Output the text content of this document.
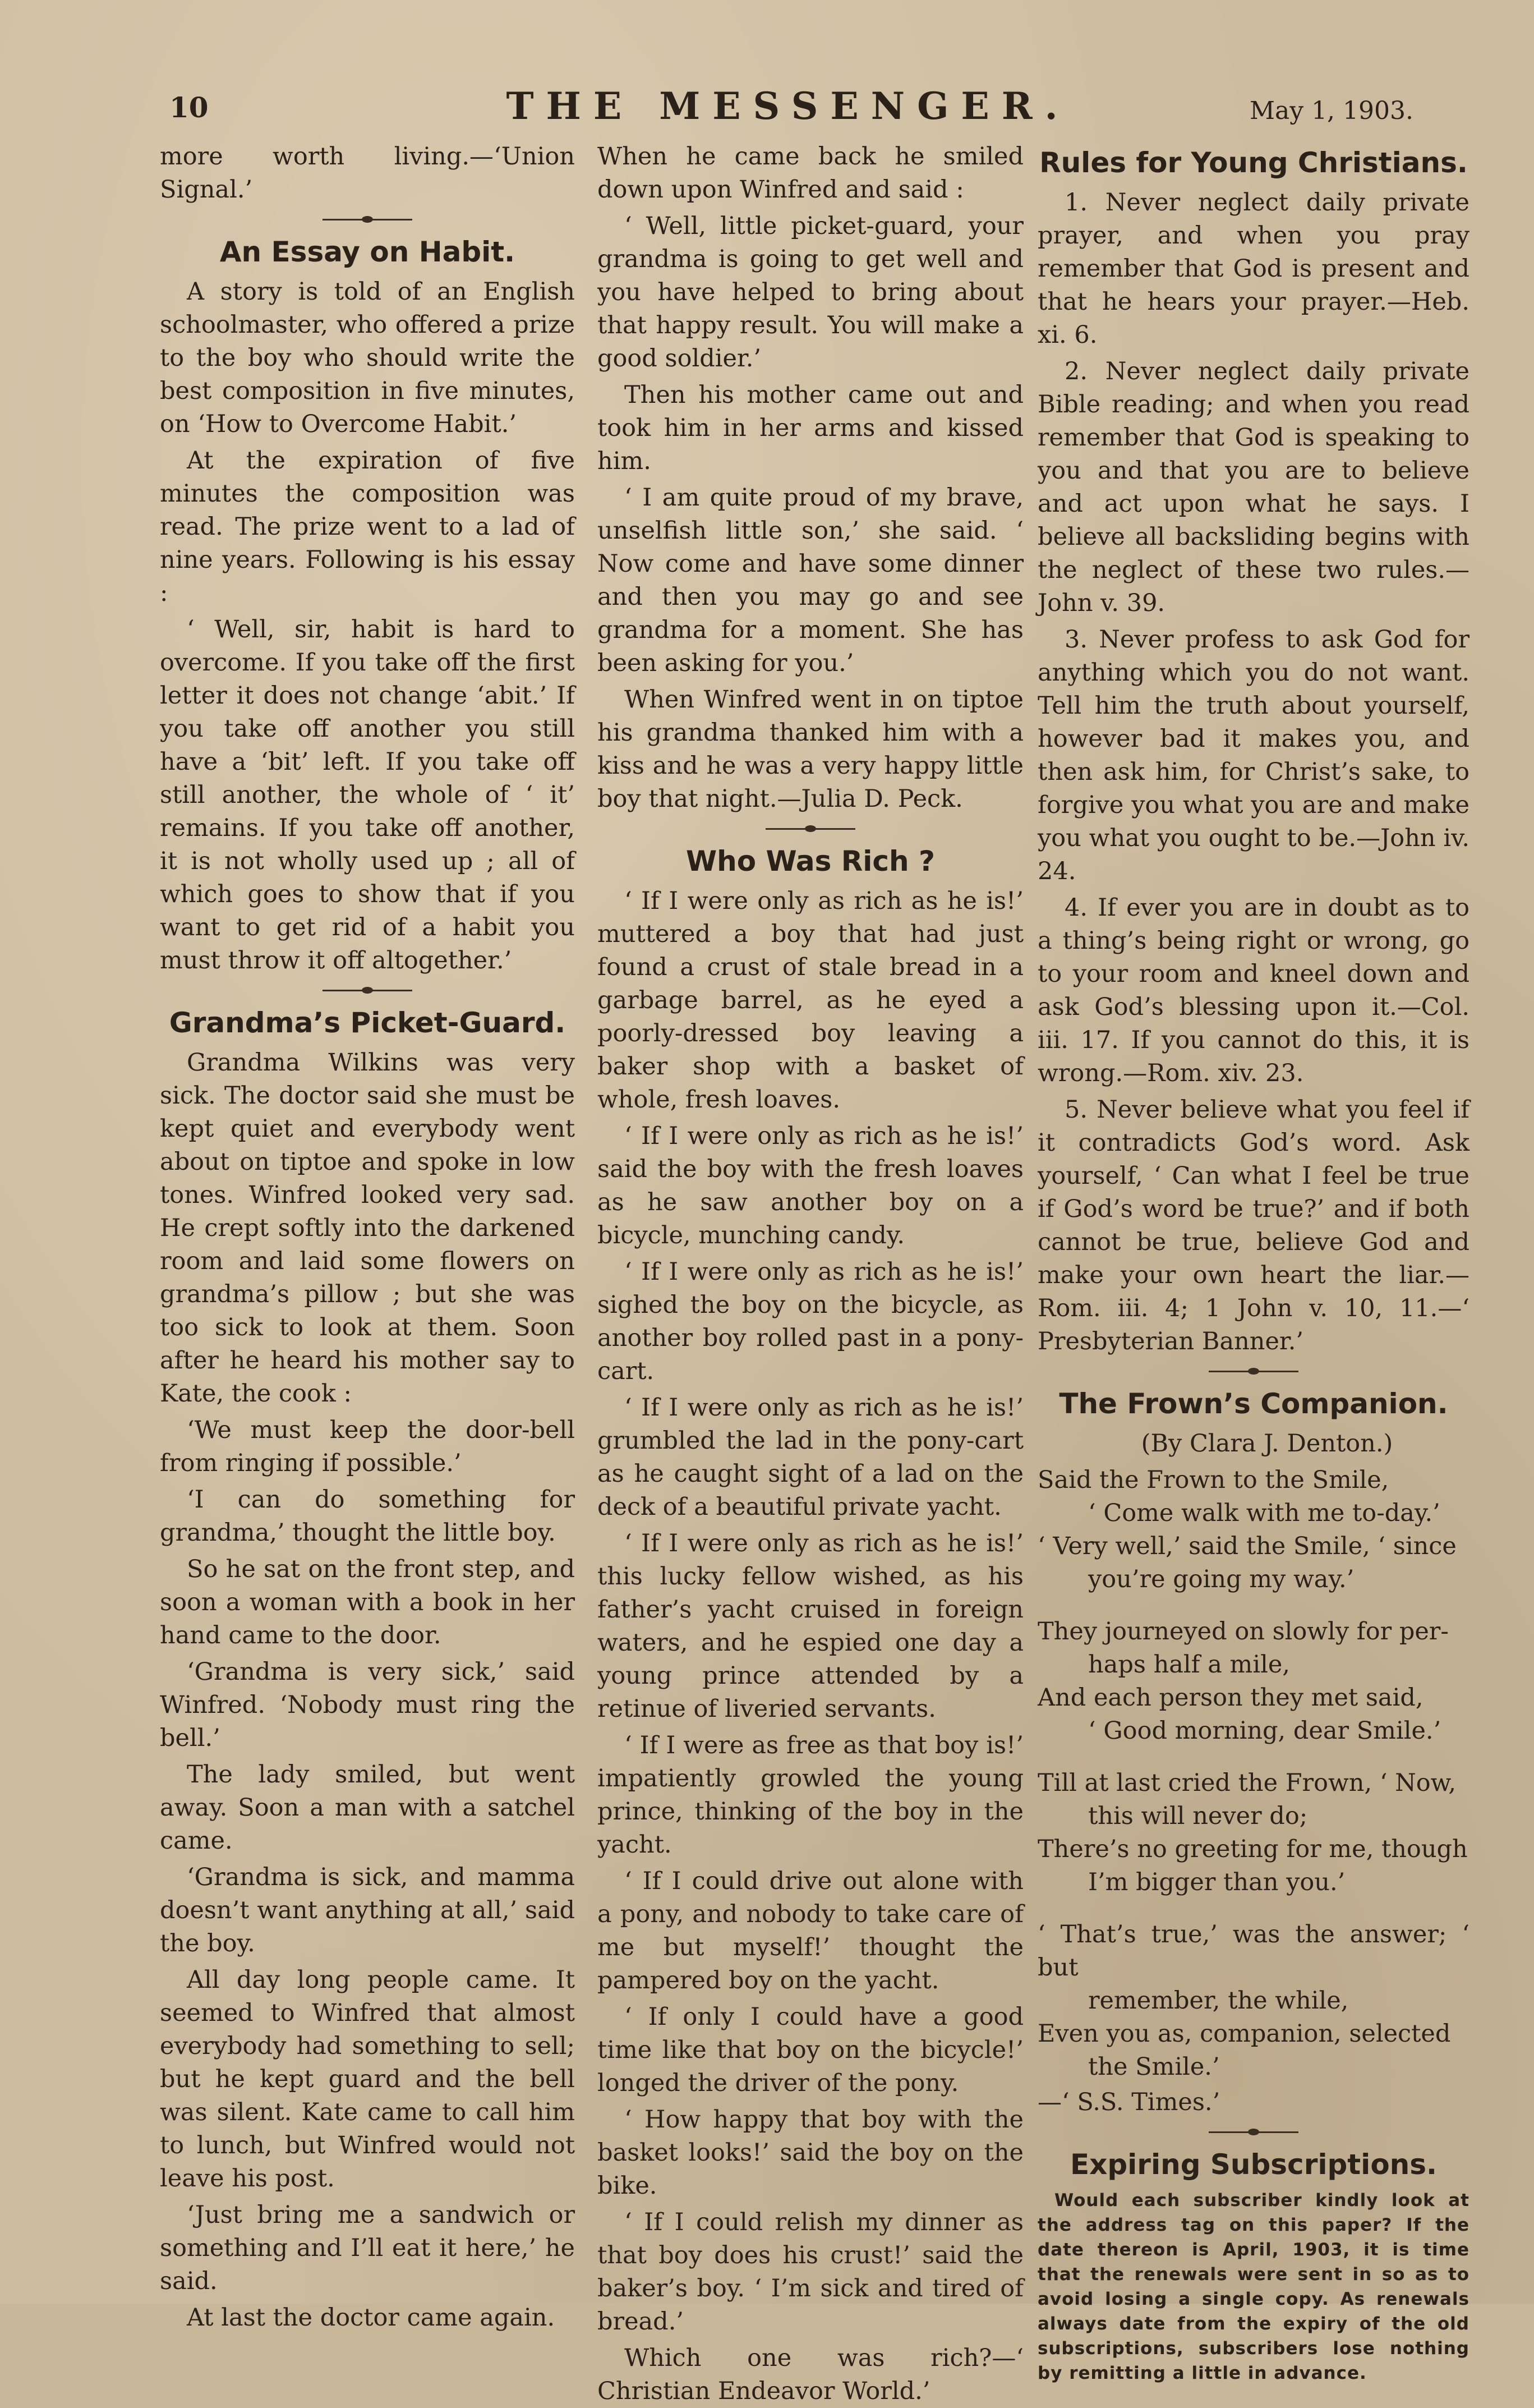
10	THE MESSENGER.	May 1, 1903.

more worth living.—‘Union Signal.’

An Essay on Habit.

A story is told of an English schoolmaster, who offered a prize to the boy who should write the best composition in five minutes, on ‘How to Overcome Habit.’

At the expiration of five minutes the composition was read. The prize went to a lad of nine years. Following is his essay :

‘ Well, sir, habit is hard to overcome. If you take off the first letter it does not change ‘abit.’ If you take off another you still have a ‘bit’ left. If you take off still another, the whole of ‘ it’ remains. If you take off another, it is not wholly used up ; all of which goes to show that if you want to get rid of a habit you must throw it off altogether.’

Grandma’s Picket-Guard.

Grandma Wilkins was very sick. The doctor said she must be kept quiet and everybody went about on tiptoe and spoke in low tones. Winfred looked very sad. He crept softly into the darkened room and laid some flowers on grandma’s pillow ; but she was too sick to look at them. Soon after he heard his mother say to Kate, the cook :

‘We must keep the door-bell from ringing if possible.’

‘I can do something for grandma,’ thought the little boy.

So he sat on the front step, and soon a woman with a book in her hand came to the door.

‘Grandma is very sick,’ said Winfred. ‘Nobody must ring the bell.’

The lady smiled, but went away. Soon a man with a satchel came.

‘Grandma is sick, and mamma doesn’t want anything at all,’ said the boy.

All day long people came. It seemed to Winfred that almost everybody had something to sell; but he kept guard and the bell was silent. Kate came to call him to lunch, but Winfred would not leave his post.

‘Just bring me a sandwich or something and I’ll eat it here,’ he said.

At last the doctor came again.

When he came back he smiled down upon Winfred and said :

‘ Well, little picket-guard, your grandma is going to get well and you have helped to bring about that happy result. You will make a good soldier.’

Then his mother came out and took him in her arms and kissed him.

‘ I am quite proud of my brave, unselfish little son,’ she said. ‘ Now come and have some dinner and then you may go and see grandma for a moment. She has been asking for you.’

When Winfred went in on tiptoe his grandma thanked him with a kiss and he was a very happy little boy that night.—Julia D. Peck.

Who Was Rich ?

‘ If I were only as rich as he is!’ muttered a boy that had just found a crust of stale bread in a garbage barrel, as he eyed a poorly-dressed boy leaving a baker shop with a basket of whole, fresh loaves.

‘ If I were only as rich as he is!’ said the boy with the fresh loaves as he saw another boy on a bicycle, munching candy.

‘ If I were only as rich as he is!’ sighed the boy on the bicycle, as another boy rolled past in a pony-cart.

‘ If I were only as rich as he is!’ grumbled the lad in the pony-cart as he caught sight of a lad on the deck of a beautiful private yacht.

‘ If I were only as rich as he is!’ this lucky fellow wished, as his father’s yacht cruised in foreign waters, and he espied one day a young prince attended by a retinue of liveried servants.

‘ If I were as free as that boy is!’ impatiently growled the young prince, thinking of the boy in the yacht.

‘ If I could drive out alone with a pony, and nobody to take care of me but myself!’ thought the pampered boy on the yacht.

‘ If only I could have a good time like that boy on the bicycle!’ longed the driver of the pony.

‘ How happy that boy with the basket looks!’ said the boy on the bike.

‘ If I could relish my dinner as that boy does his crust!’ said the baker’s boy. ‘ I’m sick and tired of bread.’

Which one was rich?—‘ Christian Endeavor World.’

Rules for Young Christians.

1. Never neglect daily private prayer, and when you pray remember that God is present and that he hears your prayer.—Heb. xi. 6.

2. Never neglect daily private Bible reading; and when you read remember that God is speaking to you and that you are to believe and act upon what he says. I believe all backsliding begins with the neglect of these two rules.—John v. 39.

3. Never profess to ask God for anything which you do not want. Tell him the truth about yourself, however bad it makes you, and then ask him, for Christ’s sake, to forgive you what you are and make you what you ought to be.—John iv. 24.

4. If ever you are in doubt as to a thing’s being right or wrong, go to your room and kneel down and ask God’s blessing upon it.—Col. iii. 17. If you cannot do this, it is wrong.—Rom. xiv. 23.

5. Never believe what you feel if it contradicts God’s word. Ask yourself, ‘ Can what I feel be true if God’s word be true?’ and if both cannot be true, believe God and make your own heart the liar.—Rom. iii. 4; 1 John v. 10, 11.—‘ Presbyterian Banner.’

The Frown’s Companion.

(By Clara J. Denton.)

Said the Frown to the Smile,
‘ Come walk with me to-day.’
‘ Very well,’ said the Smile, ‘ since
you’re going my way.’
They journeyed on slowly for per-
haps half a mile,
And each person they met said,
‘ Good morning, dear Smile.’
Till at last cried the Frown, ‘ Now,
this will never do;
There’s no greeting for me, though
I’m bigger than you.’
‘ That’s true,’ was the answer; ‘ but
remember, the while,
Even you as, companion, selected
the Smile.’

—‘ S.S. Times.’

Expiring Subscriptions.

Would each subscriber kindly look at the address tag on this paper? If the date thereon is April, 1903, it is time that the renewals were sent in so as to avoid losing a single copy. As renewals always date from the expiry of the old subscriptions, subscribers lose nothing by remitting a little in advance.
